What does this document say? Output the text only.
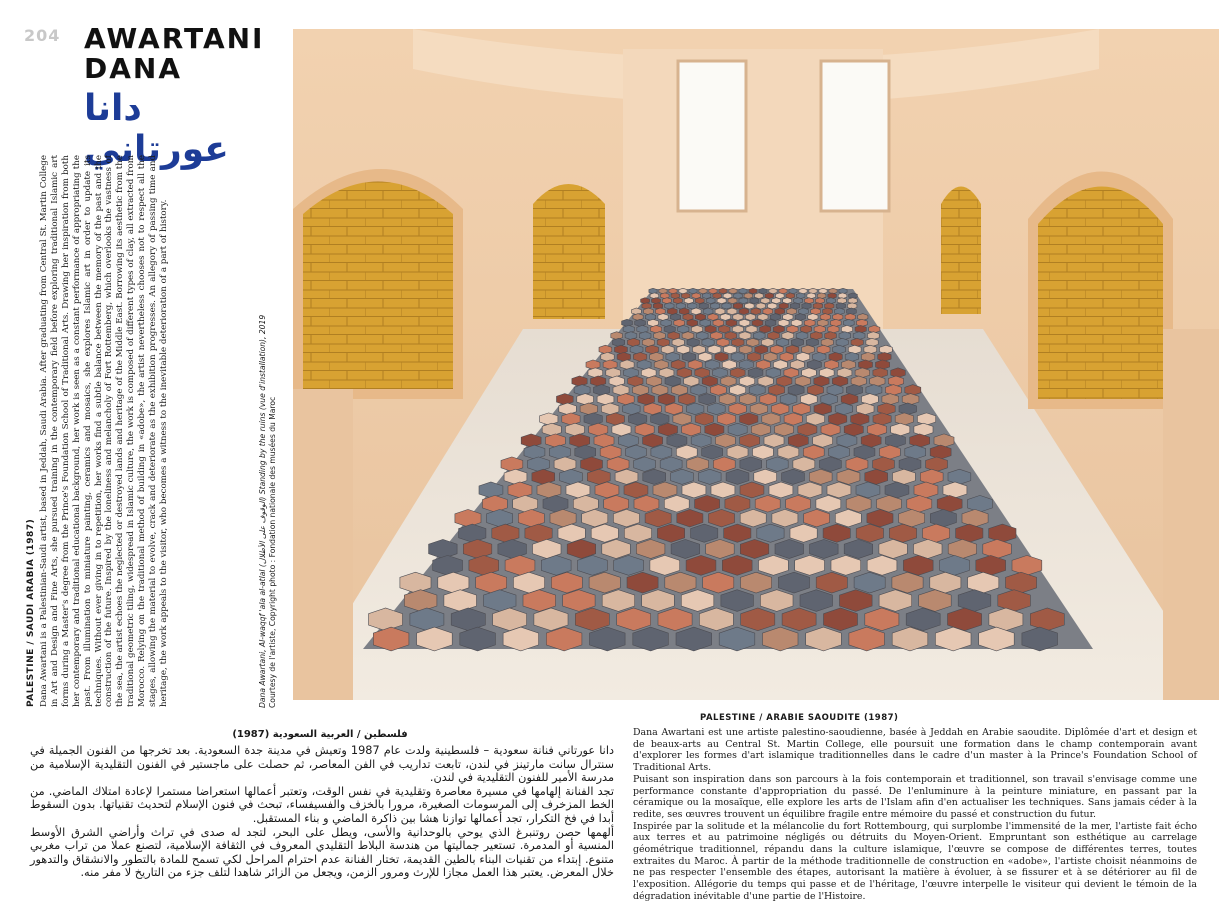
204 AWARTANI
DANA
دانا عورتاني
PALESTINE / SAUDI ARABIA (1987) Dana Awartani is a Palestinian-Saudi artist, based in Jeddah, Saudi Arabia. After graduating from Central St. Martin College in Art and Design and Fine Arts, she pursued training in the contemporary field before exploring traditional Islamic art forms during a Master's degree from the Prince's Foundation School of Traditional Arts. Drawing her inspiration from both her contemporary and traditional educational background, her work is seen as a constant performance of appropriating the past. From illumination to miniature painting, ceramics and mosaics, she explores Islamic art in order to update its techniques. Without ever giving in to repetition, her works find a subtle balance between the memory of the past and the construction of the future. Inspired by the loneliness and melancholy of Fort Rottemberg, which overlooks the vastness of the sea, the artist echoes the neglected or destroyed lands and heritage of the Middle East. Borrowing its aesthetic from the traditional geometric tiling, widespread in Islamic culture, the work is composed of different types of clay, all extracted from Morocco. Relying on the traditional method of building in «adobe», the artist nevertheless chooses not to respect all the stages, allowing the material to evolve, crack and deteriorate as the exhibition progresses. An allegory of passing time and heritage, the work appeals to the visitor, who becomes a witness to the inevitable deterioration of a part of history.	Dana Awartani, Al-waqqf 'ala al-atlal (الوقوف على الأطلال) Standing by the ruins (vue d'installation), 2019 Courtesy de l'artiste, Copyright photo : Fondation nationale des musées du Maroc
فلسطين / العربية السعودية (1987)

دانا عورتاني فنانة سعودية – فلسطينية ولدت عام 1987 وتعيش في مدينة جدة السعودية. بعد تخرجها من الفنون الجميلة في سنترال سانت مارتينز في لندن، تابعت تداريب في الفن المعاصر، ثم حصلت على ماجستير في الفنون التقليدية الإسلامية من مدرسة الأمير للفنون التقليدية في لندن.

تجد الفنانة إلهامها في مسيرة معاصرة وتقليدية في نفس الوقت، وتعتبر أعمالها استعراضا مستمرا لإعادة امتلاك الماضي. من الخط المزخرف إلى المرسومات الصغيرة، مرورا بالخزف والفسيفساء، تبحث في فنون الإسلام لتحديث تقنياتها. بدون السقوط أبدا في فخ التكرار، تجد أعمالها توازنا هشا بين ذاكرة الماضي و بناء المستقبل.

ألهمها حصن روتنبرغ الذي يوحي بالوحدانية والأسى، ويطل على البحر، لتجد له صدى في تراث وأراضي الشرق الأوسط المنسية أو المدمرة. تستعير جماليتها من هندسة البلاط التقليدي المعروف في الثقافة الإسلامية، لتصنع عملا من تراب مغربي متنوع. إبتداء من تقنيات البناء بالطين القديمة، تختار الفنانة عدم احترام المراحل لكي تسمح للمادة بالتطور والانشقاق والتدهور خلال المعرض. يعتبر هذا العمل مجازا للإرث ومرور الزمن، ويجعل من الزائر شاهدا لتلف جزء من التاريخ لا مفر منه.

PALESTINE / ARABIE SAOUDITE (1987)

Dana Awartani est une artiste palestino-saoudienne, basée à Jeddah en Arabie saoudite. Diplômée d'art et design et de beaux-arts au Central St. Martin College, elle poursuit une formation dans le champ contemporain avant d'explorer les formes d'art islamique traditionnelles dans le cadre d'un master à la Prince's Foundation School of Traditional Arts.

Puisant son inspiration dans son parcours à la fois contemporain et traditionnel, son travail s'envisage comme une performance constante d'appropriation du passé. De l'enluminure à la peinture miniature, en passant par la céramique ou la mosaïque, elle explore les arts de l'Islam afin d'en actualiser les techniques. Sans jamais céder à la redite, ses œuvres trouvent un équilibre fragile entre mémoire du passé et construction du futur.

Inspirée par la solitude et la mélancolie du fort Rottembourg, qui surplombe l'immensité de la mer, l'artiste fait écho aux terres et au patrimoine négligés ou détruits du Moyen-Orient. Empruntant son esthétique au carrelage géométrique traditionnel, répandu dans la culture islamique, l'œuvre se compose de différentes terres, toutes extraites du Maroc. À partir de la méthode traditionnelle de construction en «adobe», l'artiste choisit néanmoins de ne pas respecter l'ensemble des étapes, autorisant la matière à évoluer, à se fissurer et à se détériorer au fil de l'exposition. Allégorie du temps qui passe et de l'héritage, l'œuvre interpelle le visiteur qui devient le témoin de la dégradation inévitable d'une partie de l'Histoire.
